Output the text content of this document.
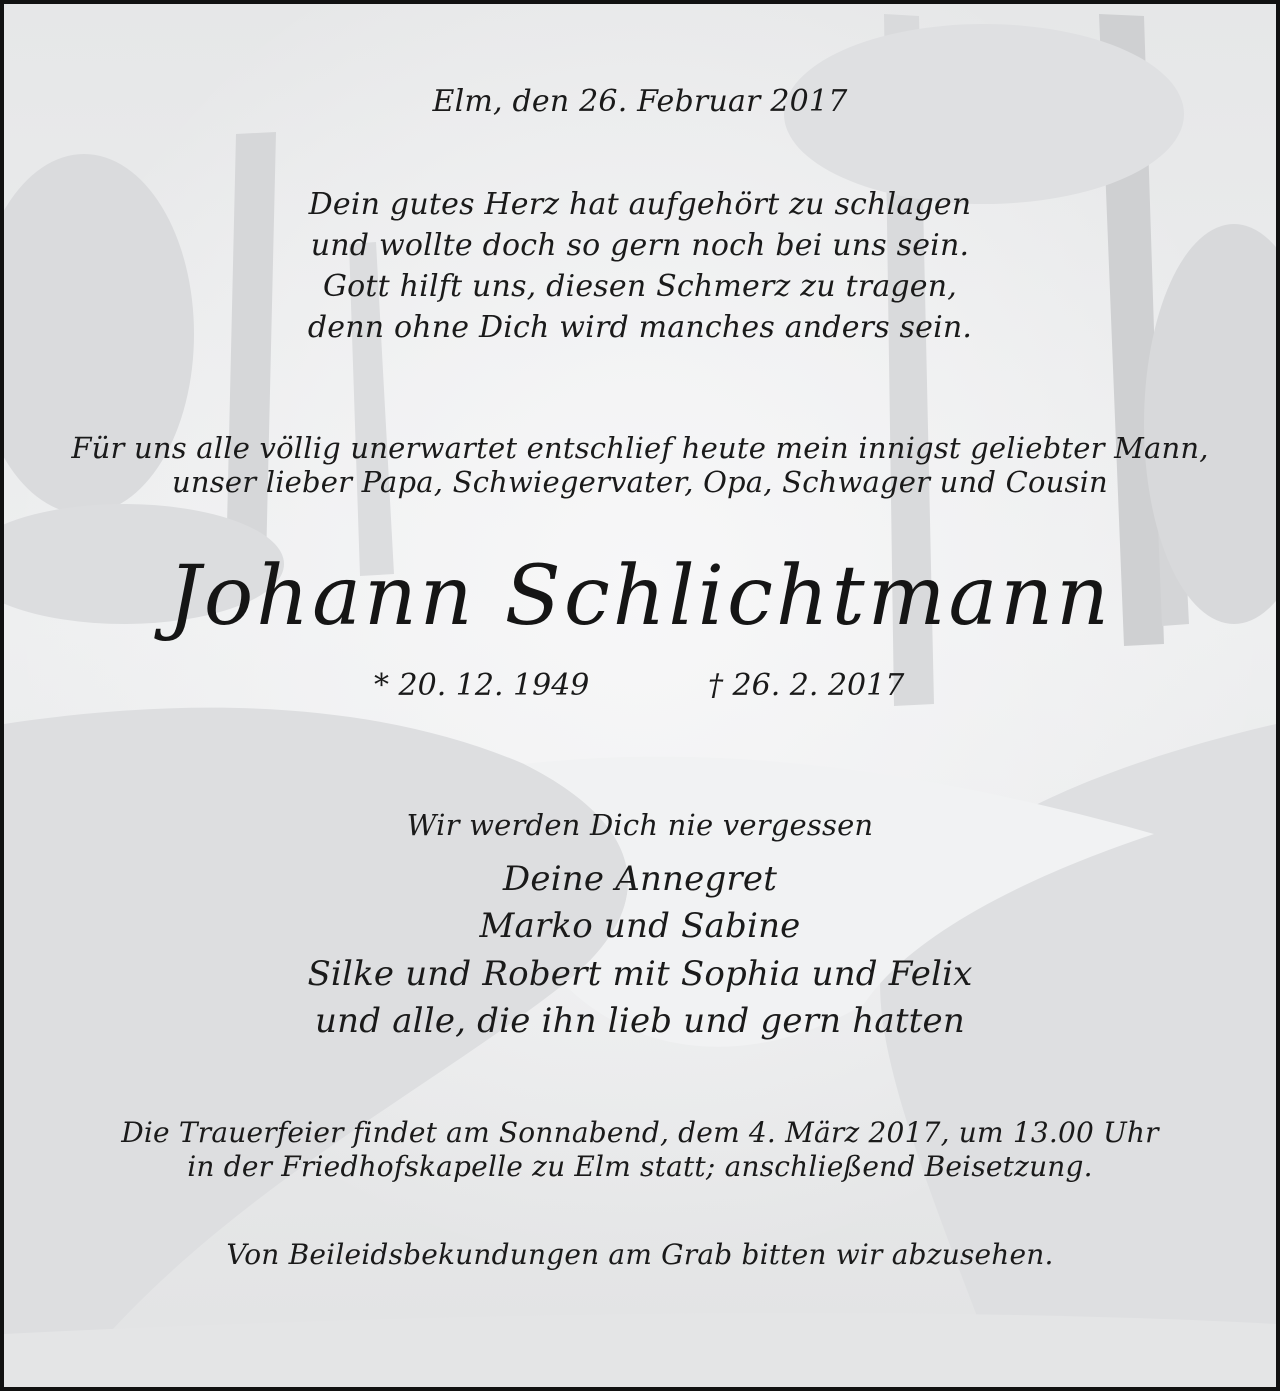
Elm, den 26. Februar 2017
Dein gutes Herz hat aufgehört zu schlagen
und wollte doch so gern noch bei uns sein.
Gott hilft uns, diesen Schmerz zu tragen,
denn ohne Dich wird manches anders sein.
Für uns alle völlig unerwartet entschlief heute mein innigst geliebter Mann,
unser lieber Papa, Schwiegervater, Opa, Schwager und Cousin
Johann Schlichtmann
* 20. 12. 1949	† 26. 2. 2017
Wir werden Dich nie vergessen
Deine Annegret
Marko und Sabine
Silke und Robert mit Sophia und Felix
und alle, die ihn lieb und gern hatten
Die Trauerfeier findet am Sonnabend, dem 4. März 2017, um 13.00 Uhr
in der Friedhofskapelle zu Elm statt; anschließend Beisetzung.
Von Beileidsbekundungen am Grab bitten wir abzusehen.
